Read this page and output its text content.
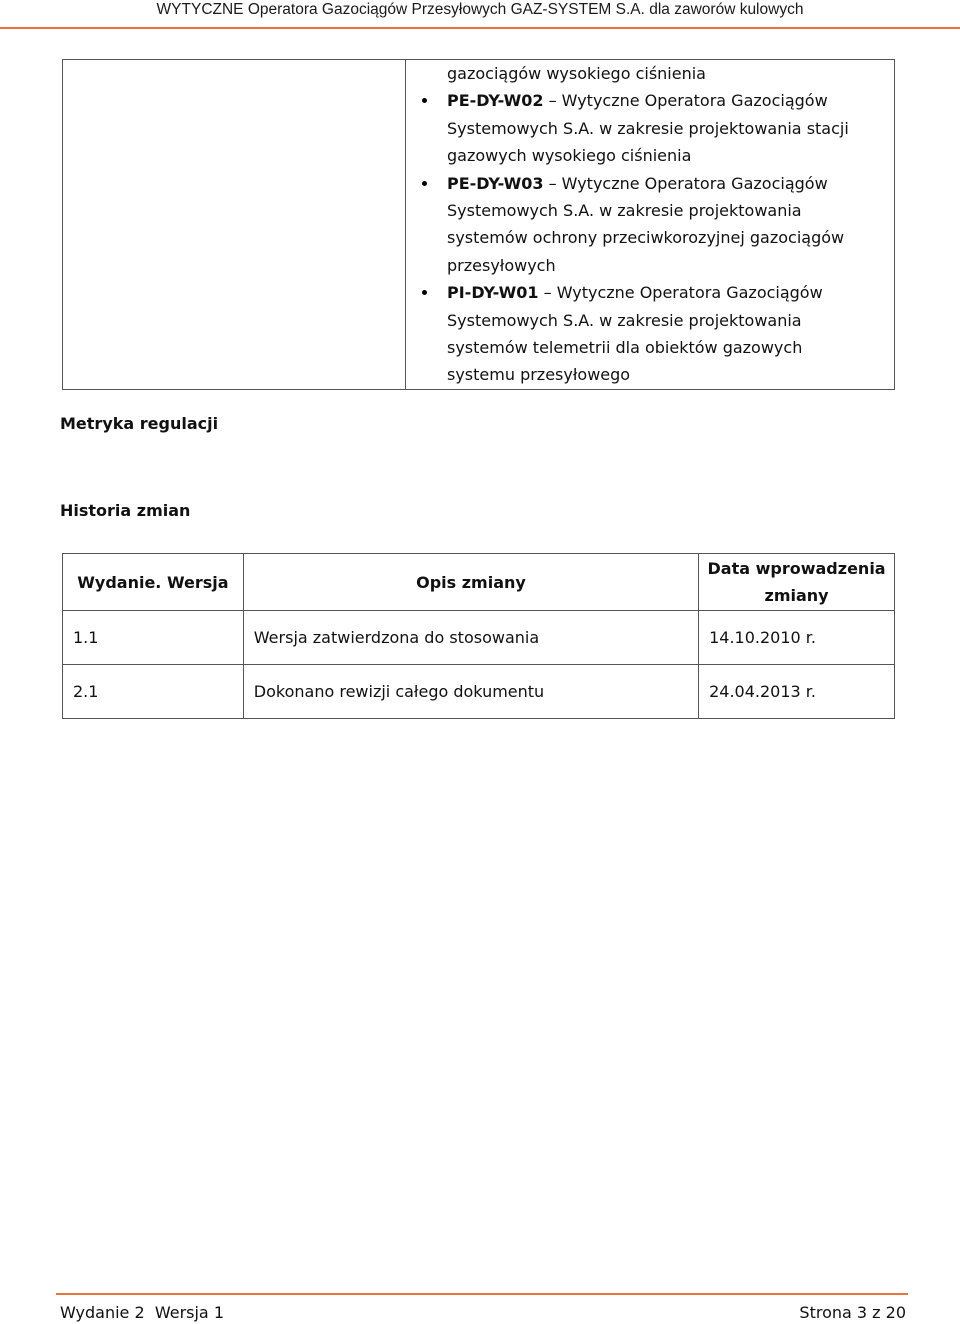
WYTYCZNE Operatora Gazociągów Przesyłowych GAZ-SYSTEM S.A. dla zaworów kulowych
gazociągów wysokiego ciśnienia
PE-DY-W02 – Wytyczne Operatora Gazociągów
Systemowych S.A. w zakresie projektowania stacji
gazowych wysokiego ciśnienia
PE-DY-W03 – Wytyczne Operatora Gazociągów
Systemowych S.A. w zakresie projektowania
systemów ochrony przeciwkorozyjnej gazociągów
przesyłowych
PI-DY-W01 – Wytyczne Operatora Gazociągów
Systemowych S.A. w zakresie projektowania
systemów telemetrii dla obiektów gazowych
systemu przesyłowego
Metryka regulacji
Historia zmian
Wydanie. Wersja	Opis zmiany	Data wprowadzenia
zmiany

1.1	Wersja zatwierdzona do stosowania	14.10.2010 r.
2.1	Dokonano rewizji całego dokumentu	24.04.2013 r.
Wydanie 2  Wersja 1	Strona 3 z 20
